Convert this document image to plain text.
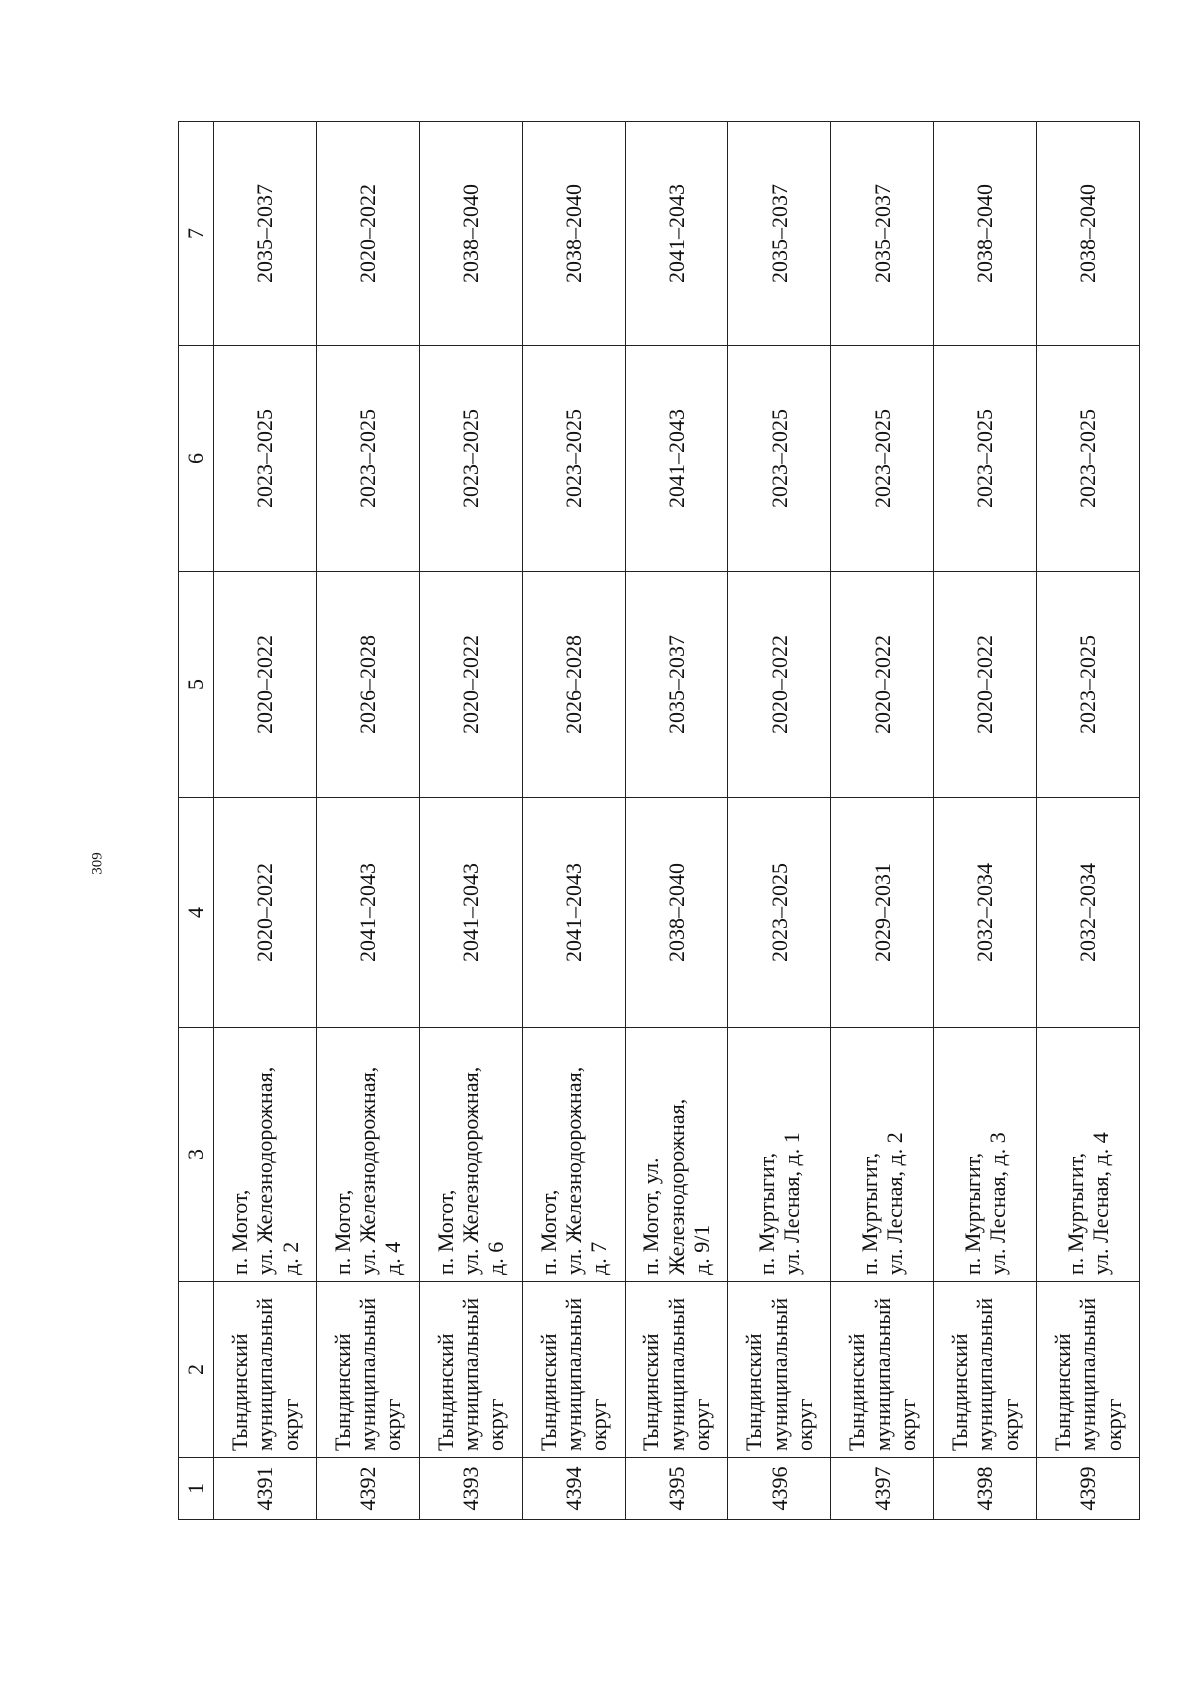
309
1	2	3	4	5	6	7
4391	Тындинский муниципальный округ	п. Могот, ул. Железнодорожная, д. 2	2020–2022	2020–2022	2023–2025	2035–2037
4392	Тындинский муниципальный округ	п. Могот, ул. Железнодорожная, д. 4	2041–2043	2026–2028	2023–2025	2020–2022
4393	Тындинский муниципальный округ	п. Могот, ул. Железнодорожная, д. 6	2041–2043	2020–2022	2023–2025	2038–2040
4394	Тындинский муниципальный округ	п. Могот, ул. Железнодорожная, д. 7	2041–2043	2026–2028	2023–2025	2038–2040
4395	Тындинский муниципальный округ	п. Могот, ул. Железнодорожная, д. 9/1	2038–2040	2035–2037	2041–2043	2041–2043
4396	Тындинский муниципальный округ	п. Муртыгит, ул. Лесная, д. 1	2023–2025	2020–2022	2023–2025	2035–2037
4397	Тындинский муниципальный округ	п. Муртыгит, ул. Лесная, д. 2	2029–2031	2020–2022	2023–2025	2035–2037
4398	Тындинский муниципальный округ	п. Муртыгит, ул. Лесная, д. 3	2032–2034	2020–2022	2023–2025	2038–2040
4399	Тындинский муниципальный округ	п. Муртыгит, ул. Лесная, д. 4	2032–2034	2023–2025	2023–2025	2038–2040
